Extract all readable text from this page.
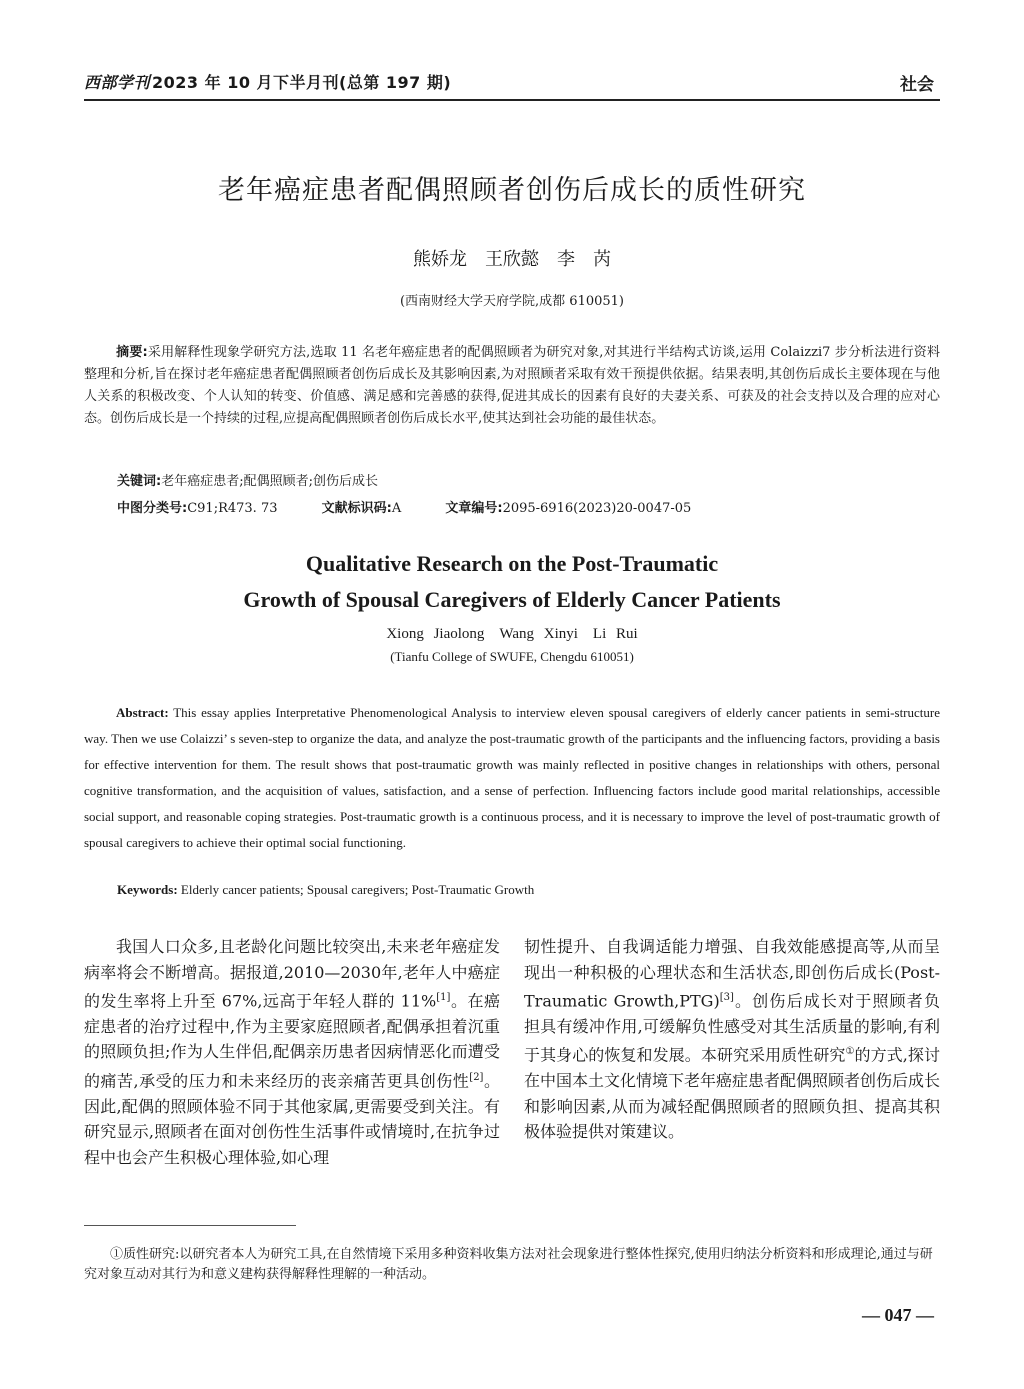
西部学刊 2023 年 10 月下半月刊(总第 197 期)	社会
老年癌症患者配偶照顾者创伤后成长的质性研究
熊娇龙　王欣懿　李　芮
(西南财经大学天府学院,成都 610051)
摘要:采用解释性现象学研究方法,选取 11 名老年癌症患者的配偶照顾者为研究对象,对其进行半结构式访谈,运用 Colaizzi7 步分析法进行资料整理和分析,旨在探讨老年癌症患者配偶照顾者创伤后成长及其影响因素,为对照顾者采取有效干预提供依据。结果表明,其创伤后成长主要体现在与他人关系的积极改变、个人认知的转变、价值感、满足感和完善感的获得,促进其成长的因素有良好的夫妻关系、可获及的社会支持以及合理的应对心态。创伤后成长是一个持续的过程,应提高配偶照顾者创伤后成长水平,使其达到社会功能的最佳状态。
关键词:老年癌症患者;配偶照顾者;创伤后成长
中图分类号:C91;R473. 73	文献标识码:A	文章编号:2095-6916(2023)20-0047-05
Qualitative Research on the Post-Traumatic
Growth of Spousal Caregivers of Elderly Cancer Patients
Xiong Jiaolong　Wang Xinyi　Li Rui
(Tianfu College of SWUFE, Chengdu 610051)
Abstract: This essay applies Interpretative Phenomenological Analysis to interview eleven spousal caregivers of elderly cancer patients in semi-structure way. Then we use Colaizzi’ s seven-step to organize the data, and analyze the post-traumatic growth of the participants and the influencing factors, providing a basis for effective intervention for them. The result shows that post-traumatic growth was mainly reflected in positive changes in relationships with others, personal cognitive transformation, and the acquisition of values, satisfaction, and a sense of perfection. Influencing factors include good marital relationships, accessible social support, and reasonable coping strategies. Post-traumatic growth is a continuous process, and it is necessary to improve the level of post-traumatic growth of spousal caregivers to achieve their optimal social functioning.
Keywords: Elderly cancer patients; Spousal caregivers; Post-Traumatic Growth
我国人口众多,且老龄化问题比较突出,未来老年癌症发病率将会不断增高。据报道,2010—2030年,老年人中癌症的发生率将上升至 67%,远高于年轻人群的 11%[1]。在癌症患者的治疗过程中,作为主要家庭照顾者,配偶承担着沉重的照顾负担;作为人生伴侣,配偶亲历患者因病情恶化而遭受的痛苦,承受的压力和未来经历的丧亲痛苦更具创伤性[2]。因此,配偶的照顾体验不同于其他家属,更需要受到关注。有研究显示,照顾者在面对创伤性生活事件或情境时,在抗争过程中也会产生积极心理体验,如心理
韧性提升、自我调适能力增强、自我效能感提高等,从而呈现出一种积极的心理状态和生活状态,即创伤后成长(Post-Traumatic Growth,PTG)[3]。创伤后成长对于照顾者负担具有缓冲作用,可缓解负性感受对其生活质量的影响,有利于其身心的恢复和发展。本研究采用质性研究①的方式,探讨在中国本土文化情境下老年癌症患者配偶照顾者创伤后成长和影响因素,从而为减轻配偶照顾者的照顾负担、提高其积极体验提供对策建议。
①质性研究:以研究者本人为研究工具,在自然情境下采用多种资料收集方法对社会现象进行整体性探究,使用归纳法分析资料和形成理论,通过与研究对象互动对其行为和意义建构获得解释性理解的一种活动。
— 047 —
